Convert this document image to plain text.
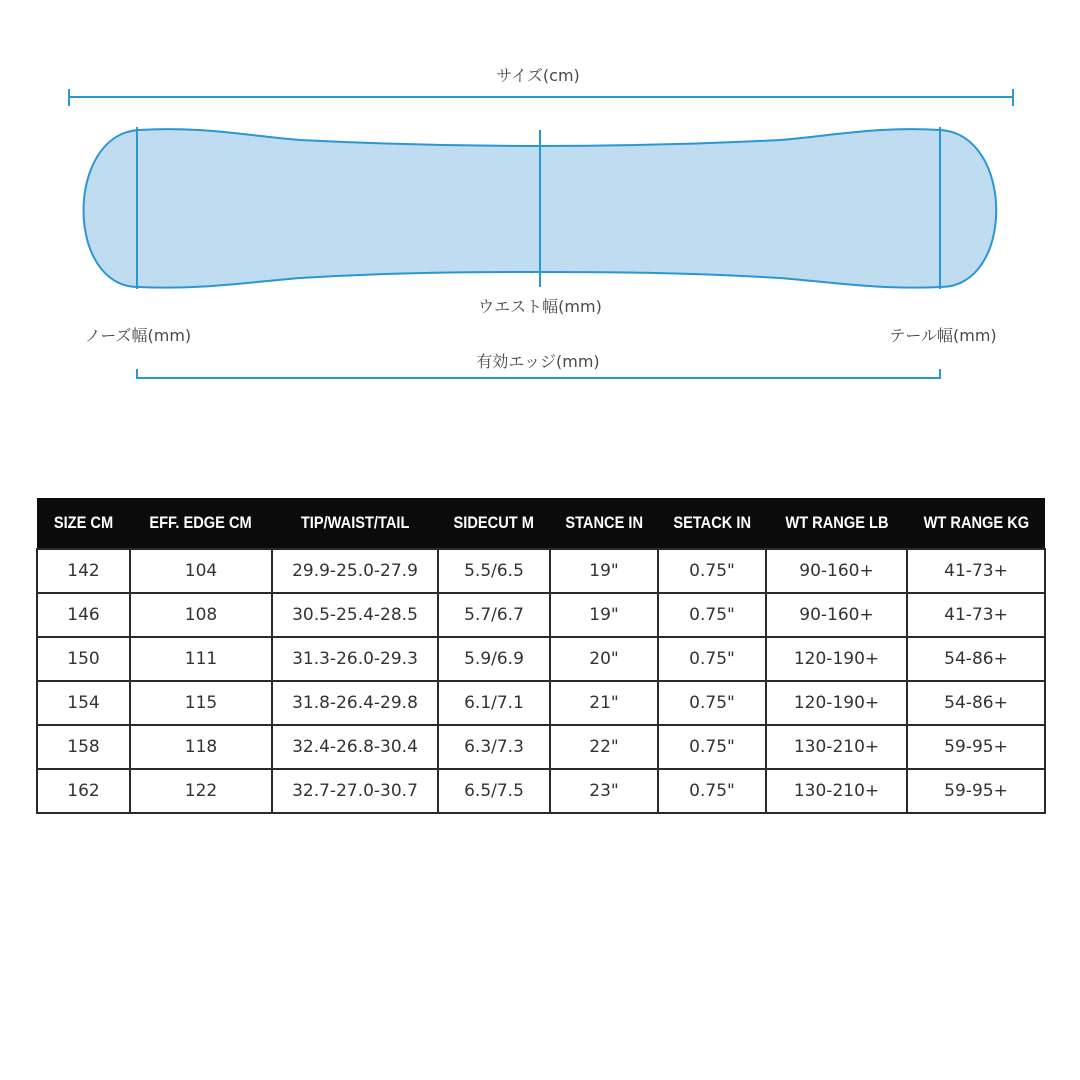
サイズ(cm)
ウエスト幅(mm)
ノーズ幅(mm)	テール幅(mm)
有効エッジ(mm)
SIZE CM	EFF. EDGE CM	TIP/WAIST/TAIL	SIDECUT M	STANCE IN	SETACK IN	WT RANGE LB	WT RANGE KG
142	104	29.9-25.0-27.9	5.5/6.5	19"	0.75"	90-160+	41-73+
146	108	30.5-25.4-28.5	5.7/6.7	19"	0.75"	90-160+	41-73+
150	111	31.3-26.0-29.3	5.9/6.9	20"	0.75"	120-190+	54-86+
154	115	31.8-26.4-29.8	6.1/7.1	21"	0.75"	120-190+	54-86+
158	118	32.4-26.8-30.4	6.3/7.3	22"	0.75"	130-210+	59-95+
162	122	32.7-27.0-30.7	6.5/7.5	23"	0.75"	130-210+	59-95+
